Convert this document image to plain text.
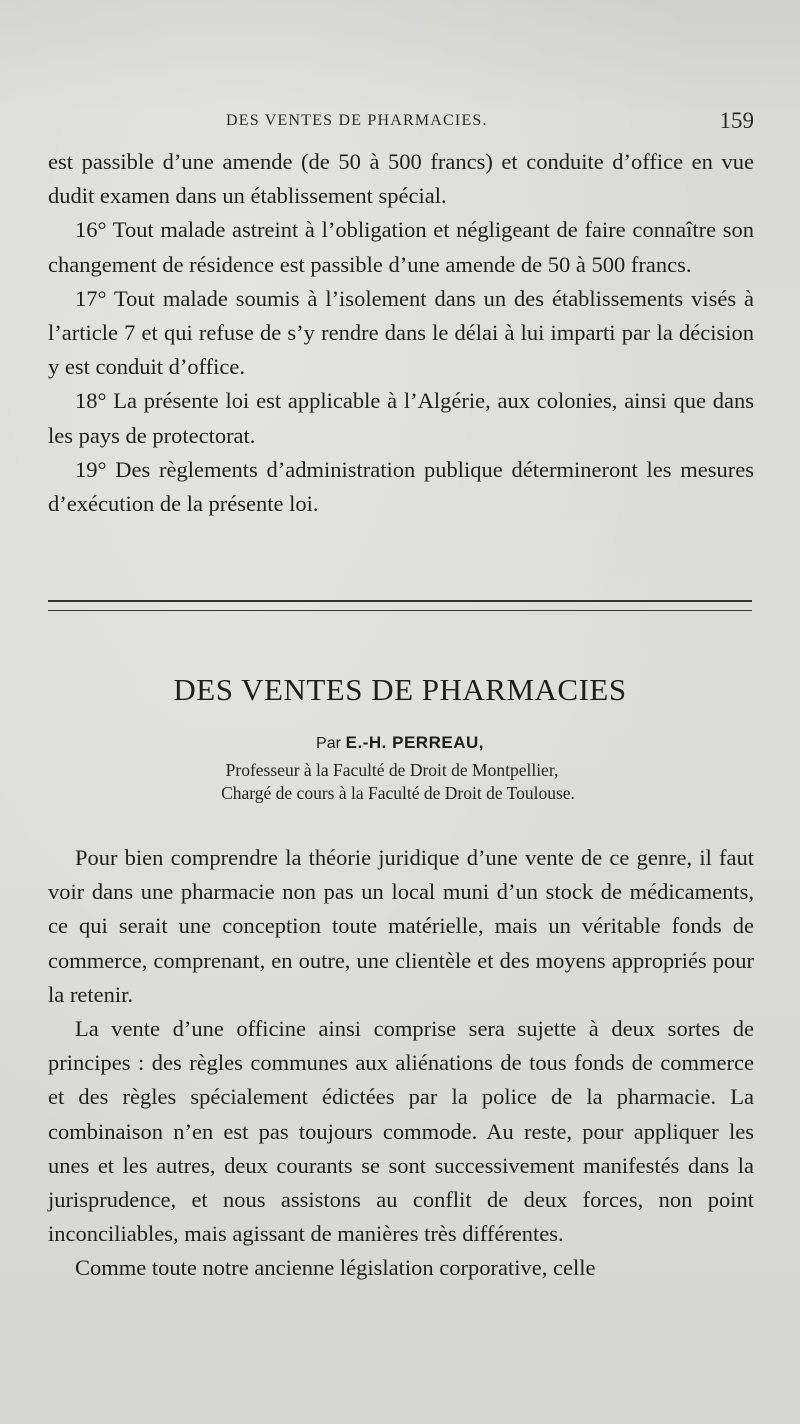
DES VENTES DE PHARMACIES.	159

est passible d’une amende (de 50 à 500 francs) et conduite d’office en vue dudit examen dans un établissement spécial.

16° Tout malade astreint à l’obligation et négligeant de faire connaître son changement de résidence est passible d’une amende de 50 à 500 francs.

17° Tout malade soumis à l’isolement dans un des établissements visés à l’article 7 et qui refuse de s’y rendre dans le délai à lui imparti par la décision y est conduit d’office.

18° La présente loi est applicable à l’Algérie, aux colonies, ainsi que dans les pays de protectorat.

19° Des règlements d’administration publique détermineront les mesures d’exécution de la présente loi.

DES VENTES DE PHARMACIES
Par E.-H. PERREAU,
Professeur à la Faculté de Droit de Montpellier,
Chargé de cours à la Faculté de Droit de Toulouse.

Pour bien comprendre la théorie juridique d’une vente de ce genre, il faut voir dans une pharmacie non pas un local muni d’un stock de médicaments, ce qui serait une conception toute matérielle, mais un véritable fonds de commerce, comprenant, en outre, une clientèle et des moyens appropriés pour la retenir.

La vente d’une officine ainsi comprise sera sujette à deux sortes de principes : des règles communes aux aliénations de tous fonds de commerce et des règles spécialement édictées par la police de la pharmacie. La combinaison n’en est pas toujours commode. Au reste, pour appliquer les unes et les autres, deux courants se sont successivement manifestés dans la jurisprudence, et nous assistons au conflit de deux forces, non point inconciliables, mais agissant de manières très différentes.

Comme toute notre ancienne législation corporative, celle
